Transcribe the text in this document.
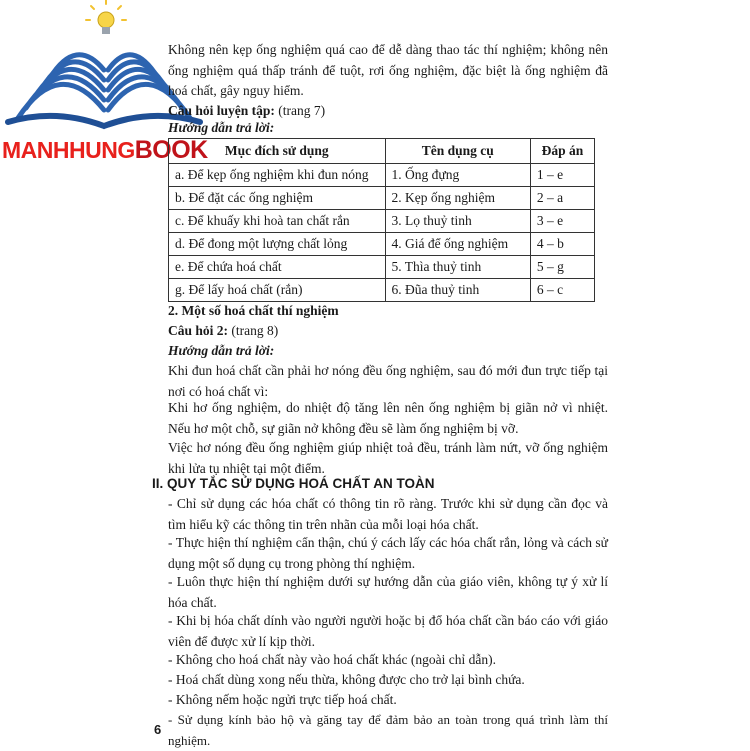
MANHHUNGBOOK
Không nên kẹp ống nghiệm quá cao để dễ dàng thao tác thí nghiệm; không nên ống nghiệm quá thấp tránh để tuột, rơi ống nghiệm, đặc biệt là ống nghiệm đã hoá chất, gây nguy hiểm.
Câu hỏi luyện tập: (trang 7)
Hướng dẫn trả lời:
Mục đích sử dụng	Tên dụng cụ	Đáp án
a. Để kẹp ống nghiệm khi đun nóng	1. Ống đựng	1 – e
b. Để đặt các ống nghiệm	2. Kẹp ống nghiệm	2 – a
c. Để khuấy khi hoà tan chất rắn	3. Lọ thuỷ tinh	3 – e
d. Để đong một lượng chất lỏng	4. Giá để ống nghiệm	4 – b
e. Để chứa hoá chất	5. Thìa thuỷ tinh	5 – g
g. Để lấy hoá chất (rắn)	6. Đũa thuỷ tinh	6 – c
2. Một số hoá chất thí nghiệm
Câu hỏi 2: (trang 8)
Hướng dẫn trả lời:
Khi đun hoá chất cần phải hơ nóng đều ống nghiệm, sau đó mới đun trực tiếp tại nơi có hoá chất vì:
Khi hơ ống nghiệm, do nhiệt độ tăng lên nên ống nghiệm bị giãn nở vì nhiệt. Nếu hơ một chỗ, sự giãn nở không đều sẽ làm ống nghiệm bị vỡ.
Việc hơ nóng đều ống nghiệm giúp nhiệt toả đều, tránh làm nứt, vỡ ống nghiệm khi lửa tụ nhiệt tại một điểm.
II. QUY TẮC SỬ DỤNG HOÁ CHẤT AN TOÀN
- Chỉ sử dụng các hóa chất có thông tin rõ ràng. Trước khi sử dụng cần đọc và tìm hiểu kỹ các thông tin trên nhãn của mỗi loại hóa chất.
- Thực hiện thí nghiệm cẩn thận, chú ý cách lấy các hóa chất rắn, lỏng và cách sử dụng một số dụng cụ trong phòng thí nghiệm.
- Luôn thực hiện thí nghiệm dưới sự hướng dẫn của giáo viên, không tự ý xử lí hóa chất.
- Khi bị hóa chất dính vào người người hoặc bị đổ hóa chất cần báo cáo với giáo viên để được xử lí kịp thời.
- Không cho hoá chất này vào hoá chất khác (ngoài chỉ dẫn).
- Hoá chất dùng xong nếu thừa, không được cho trở lại bình chứa.
- Không nếm hoặc ngửi trực tiếp hoá chất.
- Sử dụng kính bảo hộ và găng tay để đảm bảo an toàn trong quá trình làm thí nghiệm.
6
